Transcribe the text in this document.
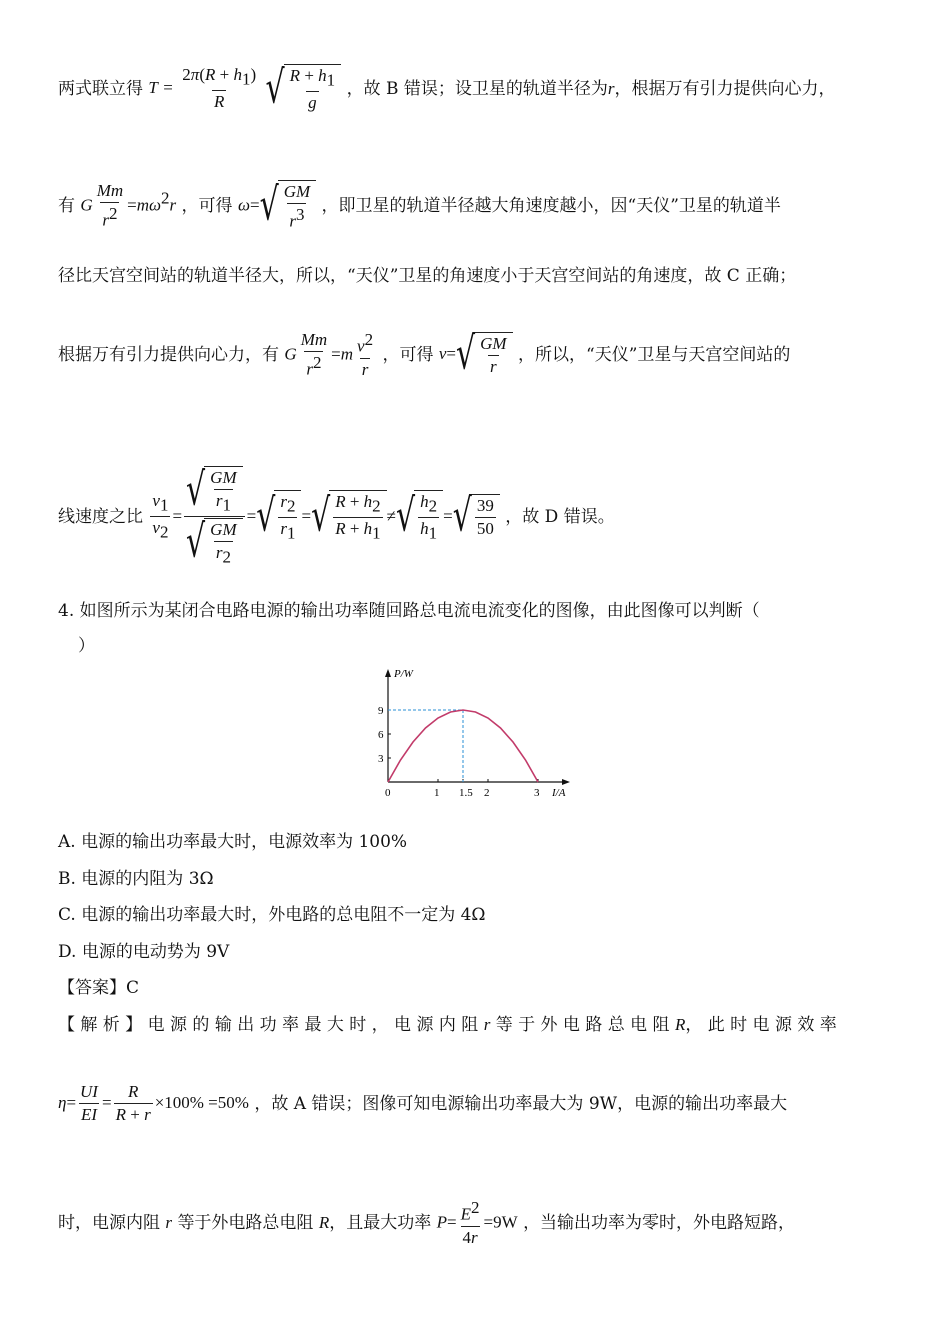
两式联立得 $T = \frac{2\pi(R + h_1)}{R}$
√ $\frac{R + h_1}{g}$ ，故 B 错误；设卫星的轨道半径为r，根据万有引力提供向心力，
有 G $\frac{Mm}{r^2} =m\omega^2r$ ，可得 ω= √ $\frac{GM}{r^3}$ ，即卫星的轨道半径越大角速度越小，因“天仪”卫星的轨道半
径比天宫空间站的轨道半径大，所以，“天仪”卫星的角速度小于天宫空间站的角速度，故 C 正确；
根据万有引力提供向心力，有 G $\frac{Mm}{r^2} =m \frac{v^2}{r}$ ，可得 v= √ $\frac{GM}{r}$ ，所以，“天仪”卫星与天宫空间站的
线速度之比 $\frac{v_1}{v_2} = \frac{√ \frac{GM}{r_1}}{√ \frac{GM}{r_2}}$ = √ $\frac{r_2}{r_1}$ = √ $\frac{R + h_2}{R + h_1}$ ≠ √ $\frac{h_2}{h_1}$ = √ $\frac{39}{50}$ ，故 D 错误。
4. 如图所示为某闭合电路电源的输出功率随回路总电流电流变化的图像，由此图像可以判断（
）
P/W
I/A
0	1 1.5 2	3
3
6
9
A. 电源的输出功率最大时，电源效率为 100%
B. 电源的内阻为 3Ω
C. 电源的输出功率最大时，外电路的总电阻不一定为 4Ω
D. 电源的电动势为 9V
【答案】C
【 解 析 】 电 源 的 输 出 功 率 最 大 时 ， 电 源 内 阻 r 等 于 外 电 路 总 电 阻 R， 此 时 电 源 效 率
$\eta= \frac{UI}{EI} = \frac{R}{R + r} \times 100\% =50\%$ ，故 A 错误；图像可知电源输出功率最大为 9W，电源的输出功率最大
时，电源内阻 r 等于外电路总电阻 R，且最大功率 $P= \frac{E^2}{4r} =9W$ ，当输出功率为零时，外电路短路，
